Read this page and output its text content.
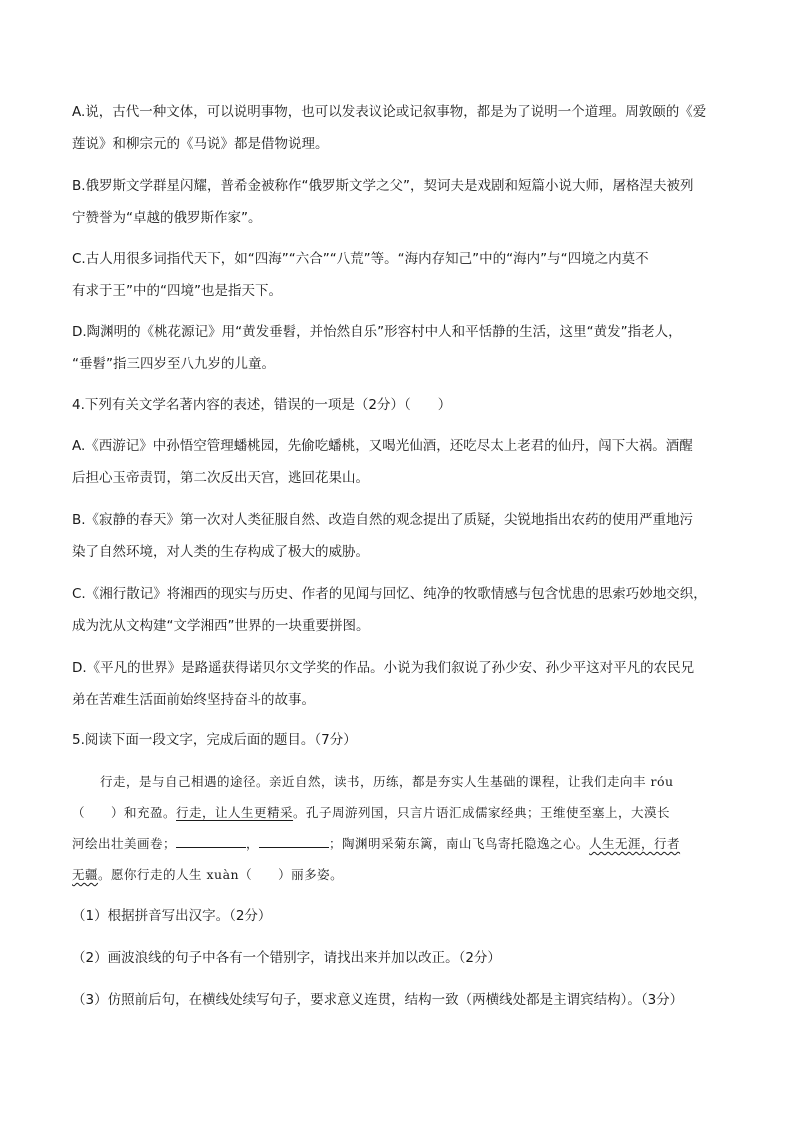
A.说，古代一种文体，可以说明事物，也可以发表议论或记叙事物，都是为了说明一个道理。周敦颐的《爱
莲说》和柳宗元的《马说》都是借物说理。
B.俄罗斯文学群星闪耀，普希金被称作“俄罗斯文学之父”，契诃夫是戏剧和短篇小说大师，屠格涅夫被列
宁赞誉为“卓越的俄罗斯作家”。
C.古人用很多词指代天下，如“四海”“六合”“八荒”等。“海内存知己”中的“海内”与“四境之内莫不
有求于王”中的“四境”也是指天下。
D.陶渊明的《桃花源记》用“黄发垂髫，并怡然自乐”形容村中人和平恬静的生活，这里“黄发”指老人，
“垂髫”指三四岁至八九岁的儿童。
4.下列有关文学名著内容的表述，错误的一项是（2分）（　　）
A.《西游记》中孙悟空管理蟠桃园，先偷吃蟠桃，又喝光仙酒，还吃尽太上老君的仙丹，闯下大祸。酒醒
后担心玉帝责罚，第二次反出天宫，逃回花果山。
B.《寂静的春天》第一次对人类征服自然、改造自然的观念提出了质疑，尖锐地指出农药的使用严重地污
染了自然环境，对人类的生存构成了极大的威胁。
C.《湘行散记》将湘西的现实与历史、作者的见闻与回忆、纯净的牧歌情感与包含忧患的思索巧妙地交织，
成为沈从文构建“文学湘西”世界的一块重要拼图。
D.《平凡的世界》是路遥获得诺贝尔文学奖的作品。小说为我们叙说了孙少安、孙少平这对平凡的农民兄
弟在苦难生活面前始终坚持奋斗的故事。
5.阅读下面一段文字，完成后面的题目。（7分）
行走，是与自己相遇的途径。亲近自然，读书，历练，都是夯实人生基础的课程，让我们走向丰 róu
（　　）和充盈。行走，让人生更精采。孔子周游列国，只言片语汇成儒家经典；王维使至塞上，大漠长
河绘出壮美画卷；	，	；陶渊明采菊东篱，南山飞鸟寄托隐逸之心。人生无涯，行者
无疆。愿你行走的人生 xuàn（　　）丽多姿。
（1）根据拼音写出汉字。（2分）
（2）画波浪线的句子中各有一个错别字，请找出来并加以改正。（2分）
（3）仿照前后句，在横线处续写句子，要求意义连贯，结构一致（两横线处都是主谓宾结构）。（3分）
